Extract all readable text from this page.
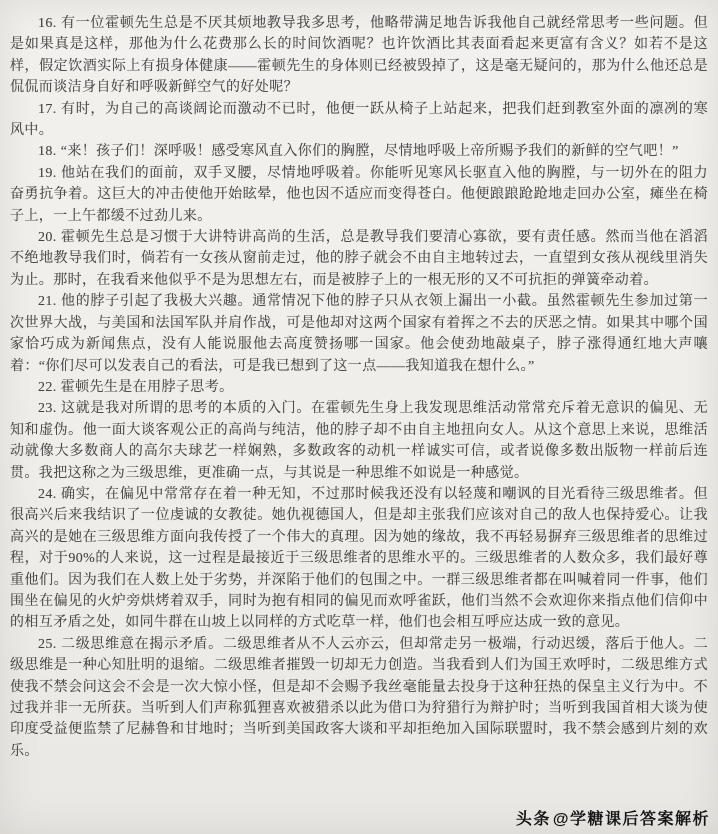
16. 有一位霍顿先生总是不厌其烦地教导我多思考，他略带满足地告诉我他自己就经常思考一些问题。但是如果真是这样，那他为什么花费那么长的时间饮酒呢？也许饮酒比其表面看起来更富有含义？如若不是这样，假定饮酒实际上有损身体健康——霍顿先生的身体则已经被毁掉了，这是毫无疑问的，那为什么他还总是侃侃而谈洁身自好和呼吸新鲜空气的好处呢？

17. 有时，为自己的高谈阔论而激动不已时，他便一跃从椅子上站起来，把我们赶到教室外面的凛冽的寒风中。

18. “来！孩子们！深呼吸！感受寒风直入你们的胸膛，尽情地呼吸上帝所赐予我们的新鲜的空气吧！”

19. 他站在我们的面前，双手叉腰，尽情地呼吸着。你能听见寒风长驱直入他的胸膛，与一切外在的阻力奋勇抗争着。这巨大的冲击使他开始眩晕，他也因不适应而变得苍白。他便踉踉跄跄地走回办公室，瘫坐在椅子上，一上午都缓不过劲儿来。

20. 霍顿先生总是习惯于大讲特讲高尚的生活，总是教导我们要清心寡欲，要有责任感。然而当他在滔滔不绝地教导我们时，倘若有一女孩从窗前走过，他的脖子就会不由自主地转过去，一直望到女孩从视线里消失为止。那时，在我看来他似乎不是为思想左右，而是被脖子上的一根无形的又不可抗拒的弹簧牵动着。

21. 他的脖子引起了我极大兴趣。通常情况下他的脖子只从衣领上漏出一小截。虽然霍顿先生参加过第一次世界大战，与美国和法国军队并肩作战，可是他却对这两个国家有着挥之不去的厌恶之情。如果其中哪个国家恰巧成为新闻焦点，没有人能说服他去高度赞扬哪一国家。他会使劲地敲桌子，脖子涨得通红地大声嚷着：“你们尽可以发表自己的看法，可是我已想到了这一点——我知道我在想什么。”

22. 霍顿先生是在用脖子思考。

23. 这就是我对所谓的思考的本质的入门。在霍顿先生身上我发现思维活动常常充斥着无意识的偏见、无知和虚伪。他一面大谈客观公正的高尚与纯洁，他的脖子却不由自主地扭向女人。从这个意思上来说，思维活动就像大多数商人的高尔夫球艺一样娴熟，多数政客的动机一样诚实可信，或者说像多数出版物一样前后连贯。我把这称之为三级思维，更准确一点，与其说是一种思维不如说是一种感觉。

24. 确实，在偏见中常常存在着一种无知，不过那时候我还没有以轻蔑和嘲讽的目光看待三级思维者。但很高兴后来我结识了一位虔诚的女教徒。她仇视德国人，但是却主张我们应该对自己的敌人也保持爱心。让我高兴的是她在三级思维方面向我传授了一个伟大的真理。因为她的缘故，我不再轻易摒弃三级思维者的思维过程，对于90%的人来说，这一过程是最接近于三级思维者的思维水平的。三级思维者的人数众多，我们最好尊重他们。因为我们在人数上处于劣势，并深陷于他们的包围之中。一群三级思维者都在叫喊着同一件事，他们围坐在偏见的火炉旁烘烤着双手，同时为抱有相同的偏见而欢呼雀跃，他们当然不会欢迎你来指点他们信仰中的相互矛盾之处，如同牛群在山坡上以同样的方式吃草一样，他们也会相互呼应达成一致的意见。

25. 二级思维意在揭示矛盾。二级思维者从不人云亦云，但却常走另一极端，行动迟缓，落后于他人。二级思维是一种心知肚明的退缩。二级思维者摧毁一切却无力创造。当我看到人们为国王欢呼时，二级思维方式使我不禁会问这会不会是一次大惊小怪，但是却不会赐予我丝毫能量去投身于这种狂热的保皇主义行为中。不过我并非一无所获。当听到人们声称狐狸喜欢被猎杀以此为借口为狩猎行为辩护时；当听到我国首相大谈为使印度受益便监禁了尼赫鲁和甘地时；当听到美国政客大谈和平却拒绝加入国际联盟时，我不禁会感到片刻的欢乐。

头条 @学糖课后答案解析
